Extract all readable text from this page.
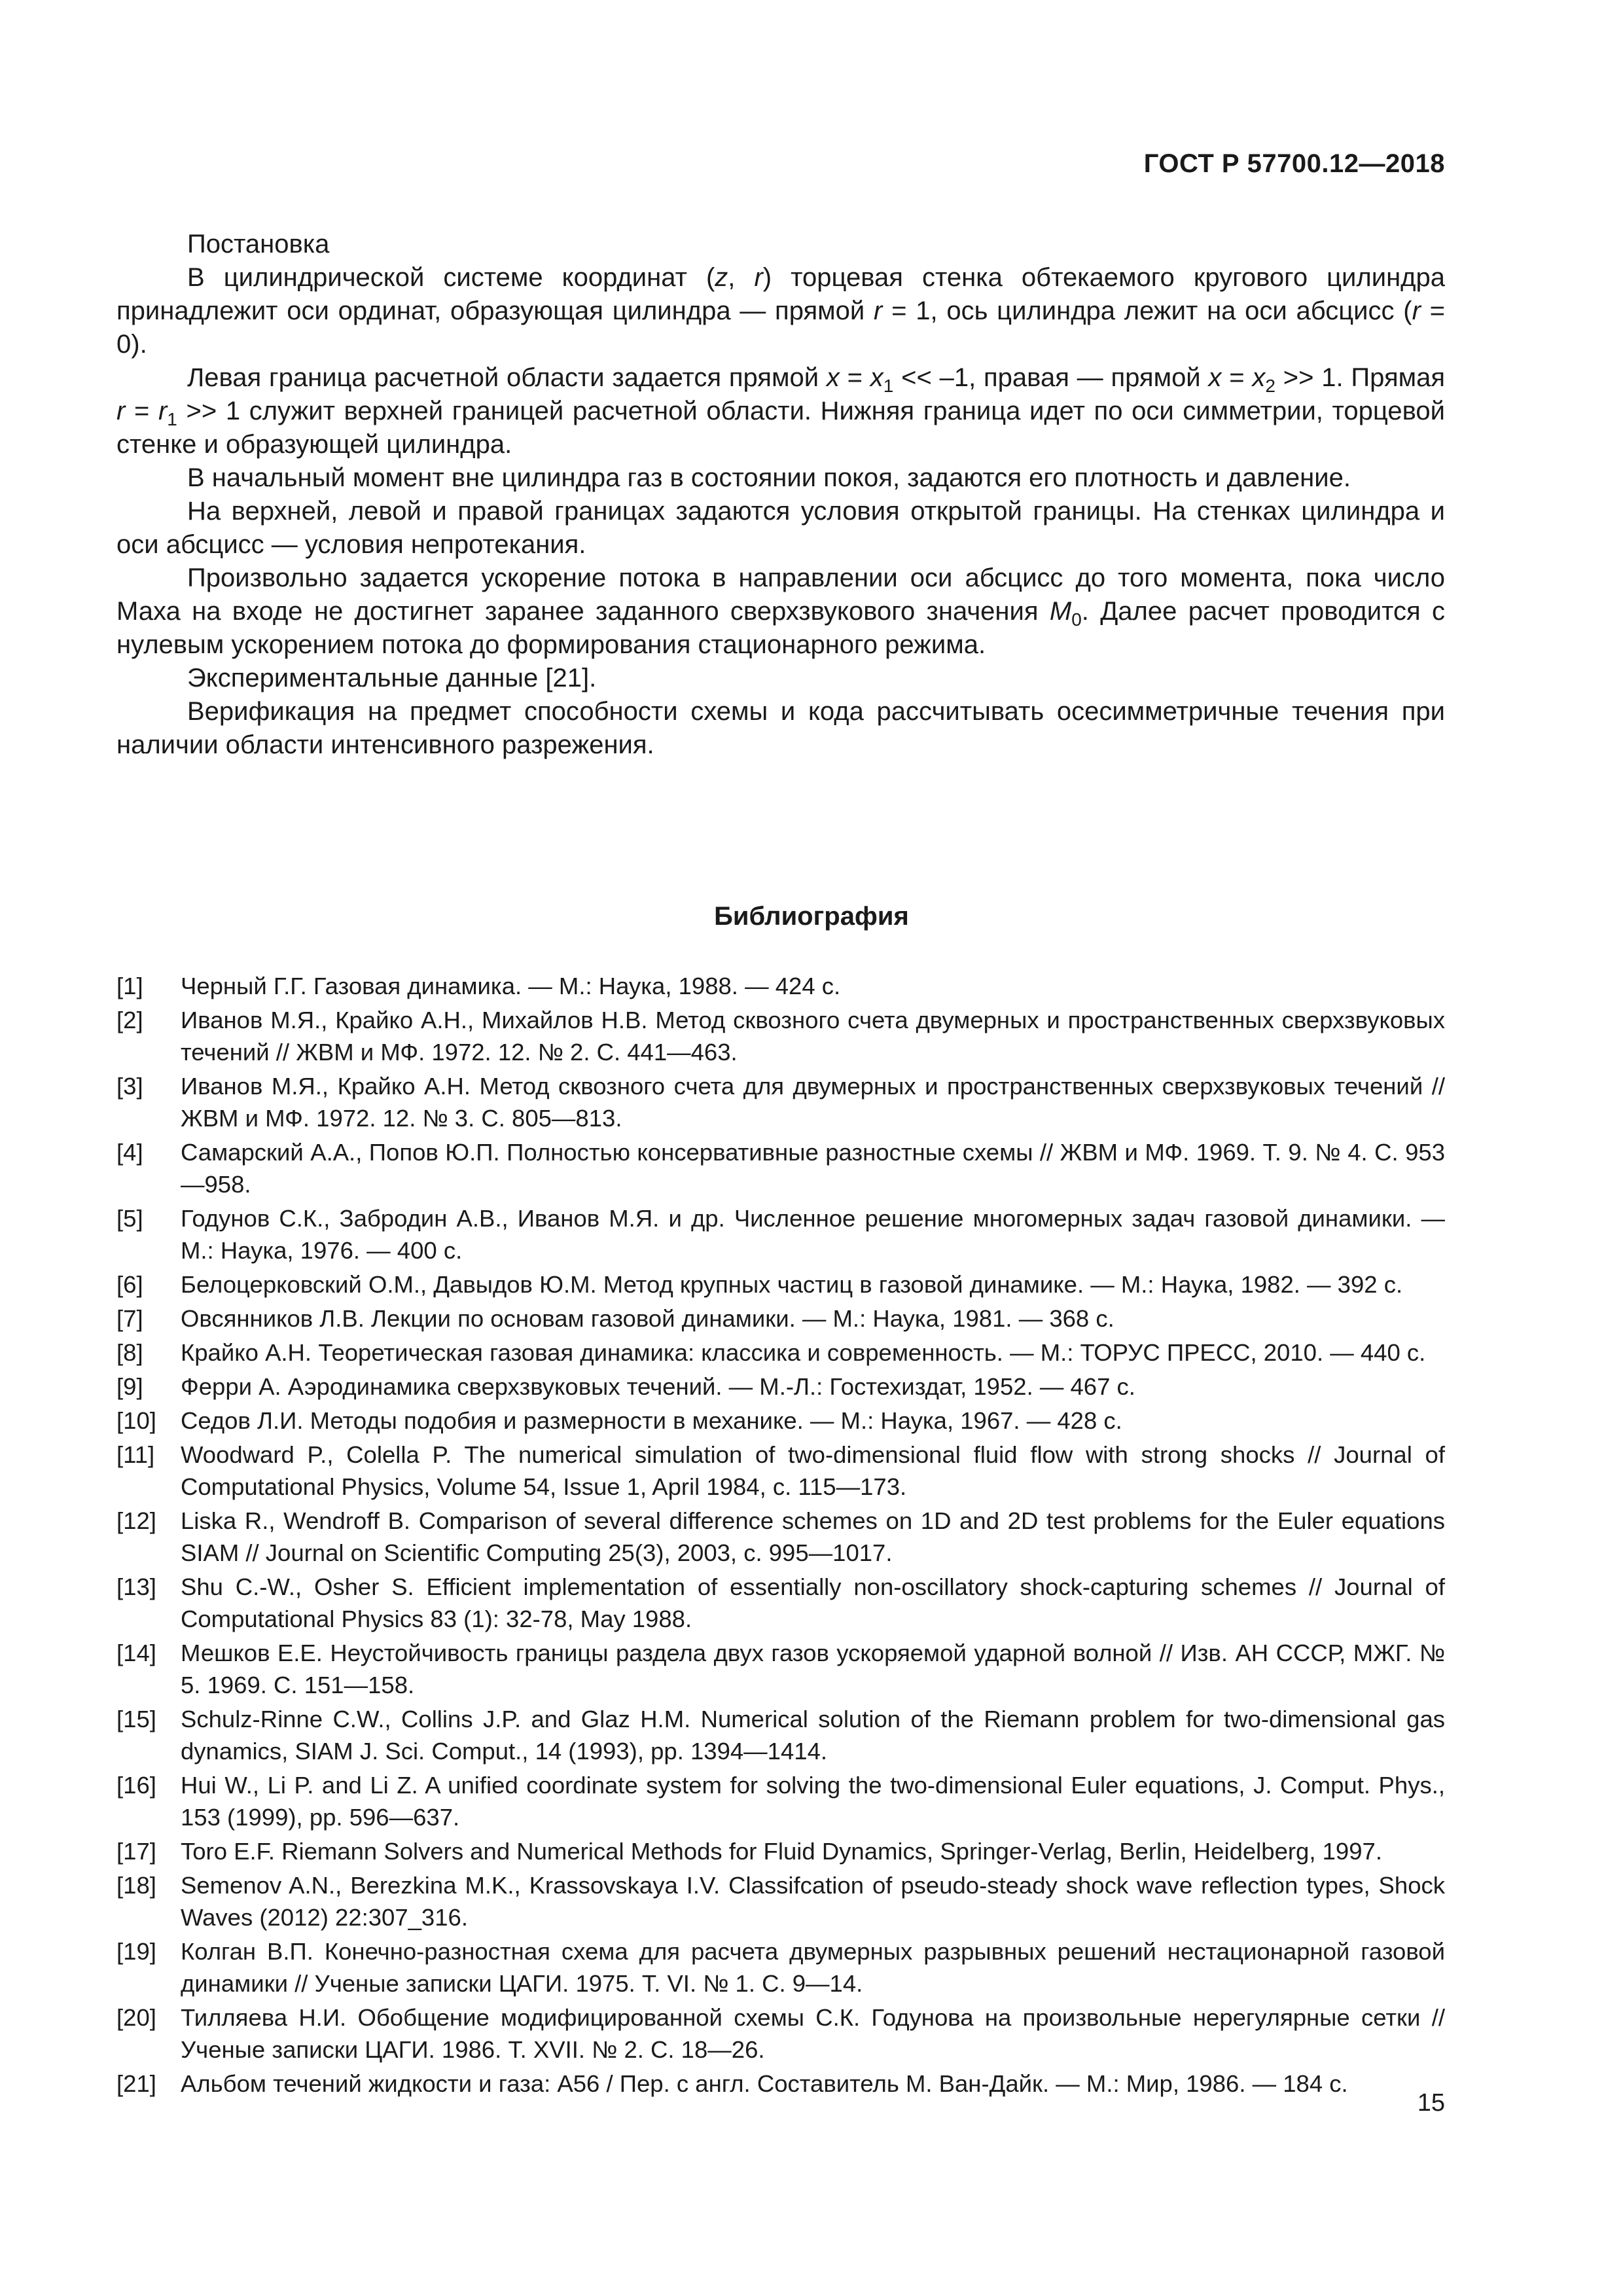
ГОСТ Р 57700.12—2018

Постановка

В цилиндрической системе координат (z, r) торцевая стенка обтекаемого кругового цилиндра принадлежит оси ординат, образующая цилиндра — прямой r = 1, ось цилиндра лежит на оси абсцисс (r = 0).

Левая граница расчетной области задается прямой $x = x_1 << -1$, правая — прямой $x = x_2 >> 1$. Прямая $r = r_1 >> 1$ служит верхней границей расчетной области. Нижняя граница идет по оси симметрии, торцевой стенке и образующей цилиндра.

В начальный момент вне цилиндра газ в состоянии покоя, задаются его плотность и давление.

На верхней, левой и правой границах задаются условия открытой границы. На стенках цилиндра и оси абсцисс — условия непротекания.

Произвольно задается ускорение потока в направлении оси абсцисс до того момента, пока число Маха на входе не достигнет заранее заданного сверхзвукового значения $M_0$. Далее расчет проводится с нулевым ускорением потока до формирования стационарного режима.

Экспериментальные данные [21].

Верификация на предмет способности схемы и кода рассчитывать осесимметричные течения при наличии области интенсивного разрежения.

Библиография
[1]	Черный Г.Г. Газовая динамика. — М.: Наука, 1988. — 424 с.
[2]	Иванов М.Я., Крайко А.Н., Михайлов Н.В. Метод сквозного счета двумерных и пространственных сверхзвуковых течений // ЖВМ и МФ. 1972. 12. № 2. С. 441—463.
[3]	Иванов М.Я., Крайко А.Н. Метод сквозного счета для двумерных и пространственных сверхзвуковых течений // ЖВМ и МФ. 1972. 12. № 3. С. 805—813.
[4]	Самарский А.А., Попов Ю.П. Полностью консервативные разностные схемы // ЖВМ и МФ. 1969. Т. 9. № 4. С. 953—958.
[5]	Годунов С.К., Забродин А.В., Иванов М.Я. и др. Численное решение многомерных задач газовой динамики. — М.: Наука, 1976. — 400 с.
[6]	Белоцерковский О.М., Давыдов Ю.М. Метод крупных частиц в газовой динамике. — М.: Наука, 1982. — 392 с.
[7]	Овсянников Л.В. Лекции по основам газовой динамики. — М.: Наука, 1981. — 368 с.
[8]	Крайко А.Н. Теоретическая газовая динамика: классика и современность. — М.: ТОРУС ПРЕСС, 2010. — 440 с.
[9]	Ферри А. Аэродинамика сверхзвуковых течений. — М.-Л.: Гостехиздат, 1952. — 467 с.
[10]	Седов Л.И. Методы подобия и размерности в механике. — М.: Наука, 1967. — 428 с.
[11]	Woodward P., Colella P. The numerical simulation of two-dimensional fluid flow with strong shocks // Journal of Computational Physics, Volume 54, Issue 1, April 1984, c. 115—173.
[12]	Liska R., Wendroff B. Comparison of several difference schemes on 1D and 2D test problems for the Euler equations SIAM // Journal on Scientific Computing 25(3), 2003, c. 995—1017.
[13]	Shu C.-W., Osher S. Efficient implementation of essentially non-oscillatory shock-capturing schemes // Journal of Computational Physics 83 (1): 32-78, May 1988.
[14]	Мешков Е.Е. Неустойчивость границы раздела двух газов ускоряемой ударной волной // Изв. АН СССР, МЖГ. № 5. 1969. С. 151—158.
[15]	Schulz-Rinne C.W., Collins J.P. and Glaz H.M. Numerical solution of the Riemann problem for two-dimensional gas dynamics, SIAM J. Sci. Comput., 14 (1993), pp. 1394—1414.
[16]	Hui W., Li P. and Li Z. A unified coordinate system for solving the two-dimensional Euler equations, J. Comput. Phys., 153 (1999), pp. 596—637.
[17]	Toro E.F. Riemann Solvers and Numerical Methods for Fluid Dynamics, Springer-Verlag, Berlin, Heidelberg, 1997.
[18]	Semenov A.N., Berezkina M.K., Krassovskaya I.V. Classifcation of pseudo-steady shock wave reflection types, Shock Waves (2012) 22:307_316.
[19]	Колган В.П. Конечно-разностная схема для расчета двумерных разрывных решений нестационарной газовой динамики // Ученые записки ЦАГИ. 1975. Т. VI. № 1. С. 9—14.
[20]	Тилляева Н.И. Обобщение модифицированной схемы С.К. Годунова на произвольные нерегулярные сетки // Ученые записки ЦАГИ. 1986. Т. XVII. № 2. С. 18—26.
[21]	Альбом течений жидкости и газа: А56 / Пер. с англ. Составитель М. Ван-Дайк. — М.: Мир, 1986. — 184 с.
15
